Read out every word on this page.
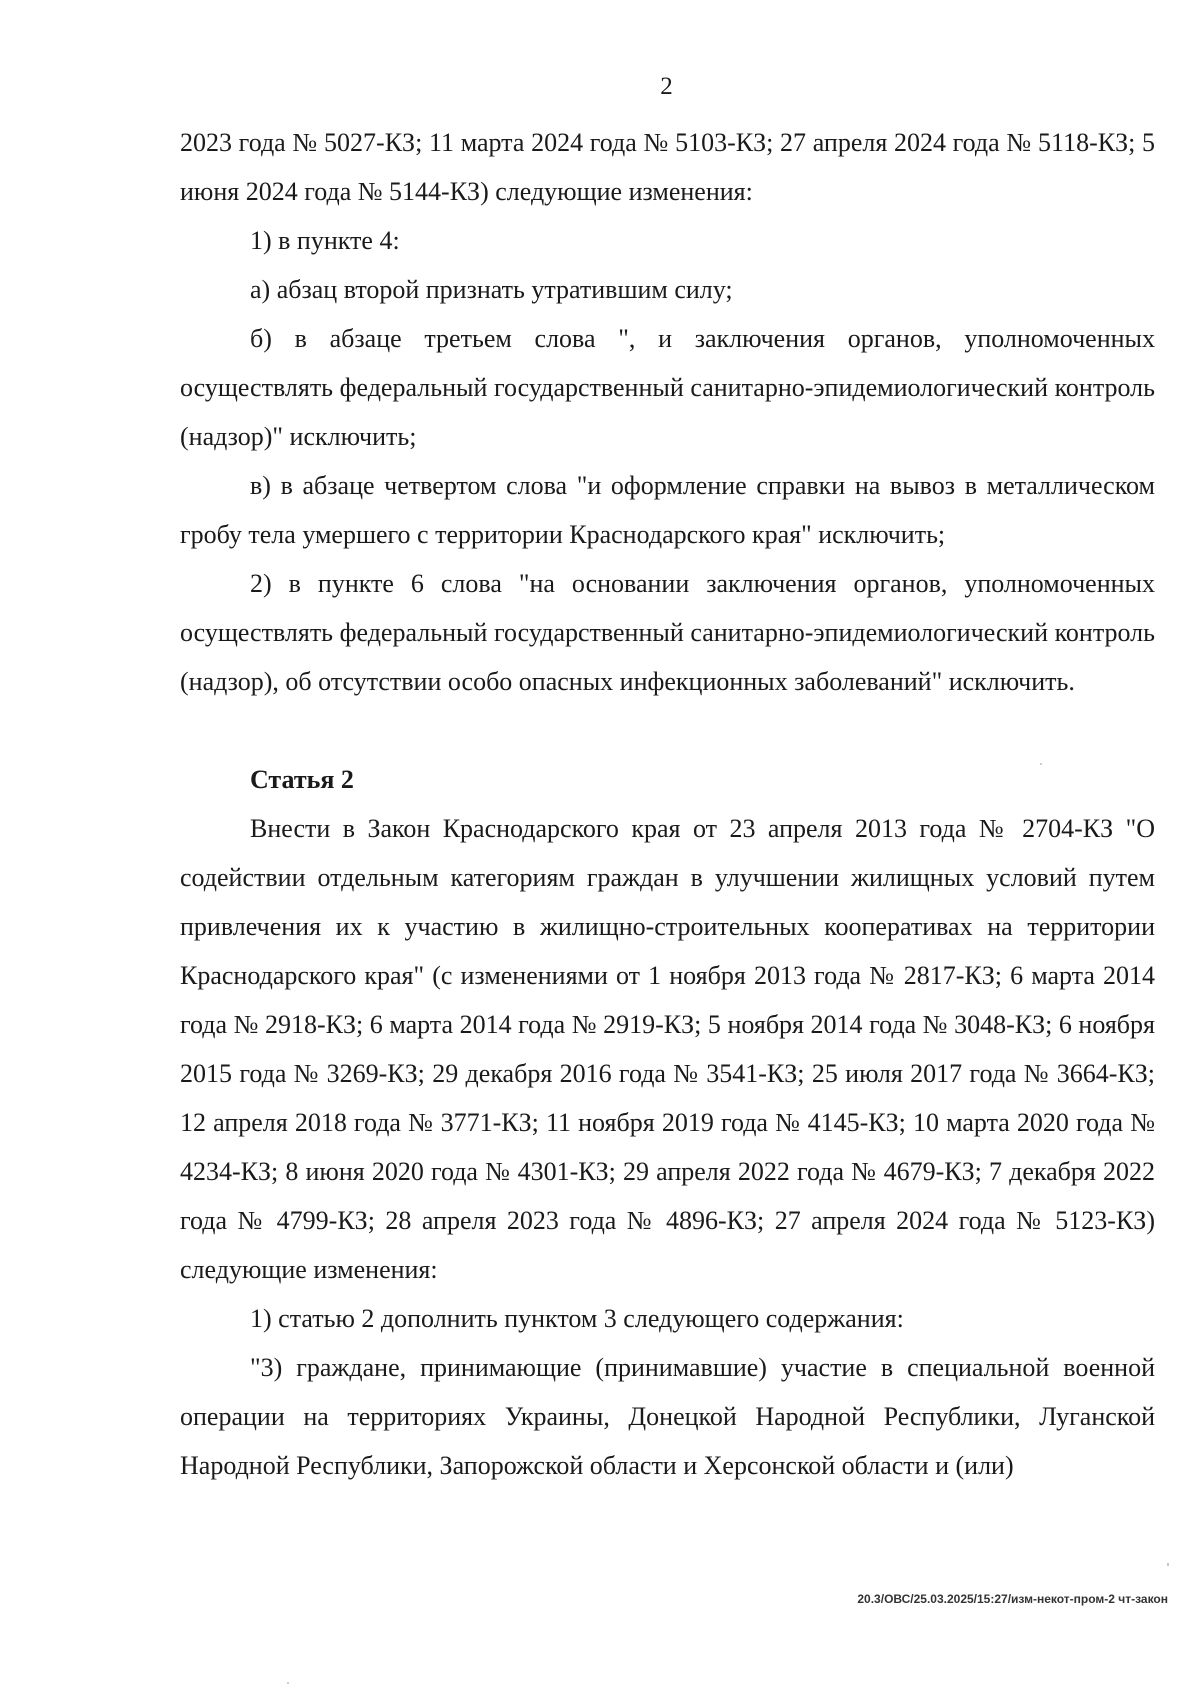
2

2023 года № 5027-КЗ; 11 марта 2024 года № 5103-КЗ; 27 апреля 2024 года № 5118-КЗ; 5 июня 2024 года № 5144-КЗ) следующие изменения:

1) в пункте 4:

а) абзац второй признать утратившим силу;

б) в абзаце третьем слова ", и заключения органов, уполномоченных осуществлять федеральный государственный санитарно-эпидемиологический контроль (надзор)" исключить;

в) в абзаце четвертом слова "и оформление справки на вывоз в металлическом гробу тела умершего с территории Краснодарского края" исключить;

2) в пункте 6 слова "на основании заключения органов, уполномоченных осуществлять федеральный государственный санитарно-эпидемиологический контроль (надзор), об отсутствии особо опасных инфекционных заболеваний" исключить.

Статья 2

Внести в Закон Краснодарского края от 23 апреля 2013 года № 2704-КЗ "О содействии отдельным категориям граждан в улучшении жилищных условий путем привлечения их к участию в жилищно-строительных кооперативах на территории Краснодарского края" (с изменениями от 1 ноября 2013 года № 2817-КЗ; 6 марта 2014 года № 2918-КЗ; 6 марта 2014 года № 2919-КЗ; 5 ноября 2014 года № 3048-КЗ; 6 ноября 2015 года № 3269-КЗ; 29 декабря 2016 года № 3541-КЗ; 25 июля 2017 года № 3664-КЗ; 12 апреля 2018 года № 3771-КЗ; 11 ноября 2019 года № 4145-КЗ; 10 марта 2020 года № 4234-КЗ; 8 июня 2020 года № 4301-КЗ; 29 апреля 2022 года № 4679-КЗ; 7 декабря 2022 года № 4799-КЗ; 28 апреля 2023 года № 4896-КЗ; 27 апреля 2024 года № 5123-КЗ) следующие изменения:

1) статью 2 дополнить пунктом 3 следующего содержания:

"3) граждане, принимающие (принимавшие) участие в специальной военной операции на территориях Украины, Донецкой Народной Республики, Луганской Народной Республики, Запорожской области и Херсонской области и (или)

20.3/ОВС/25.03.2025/15:27/изм-некот-пром-2 чт-закон
